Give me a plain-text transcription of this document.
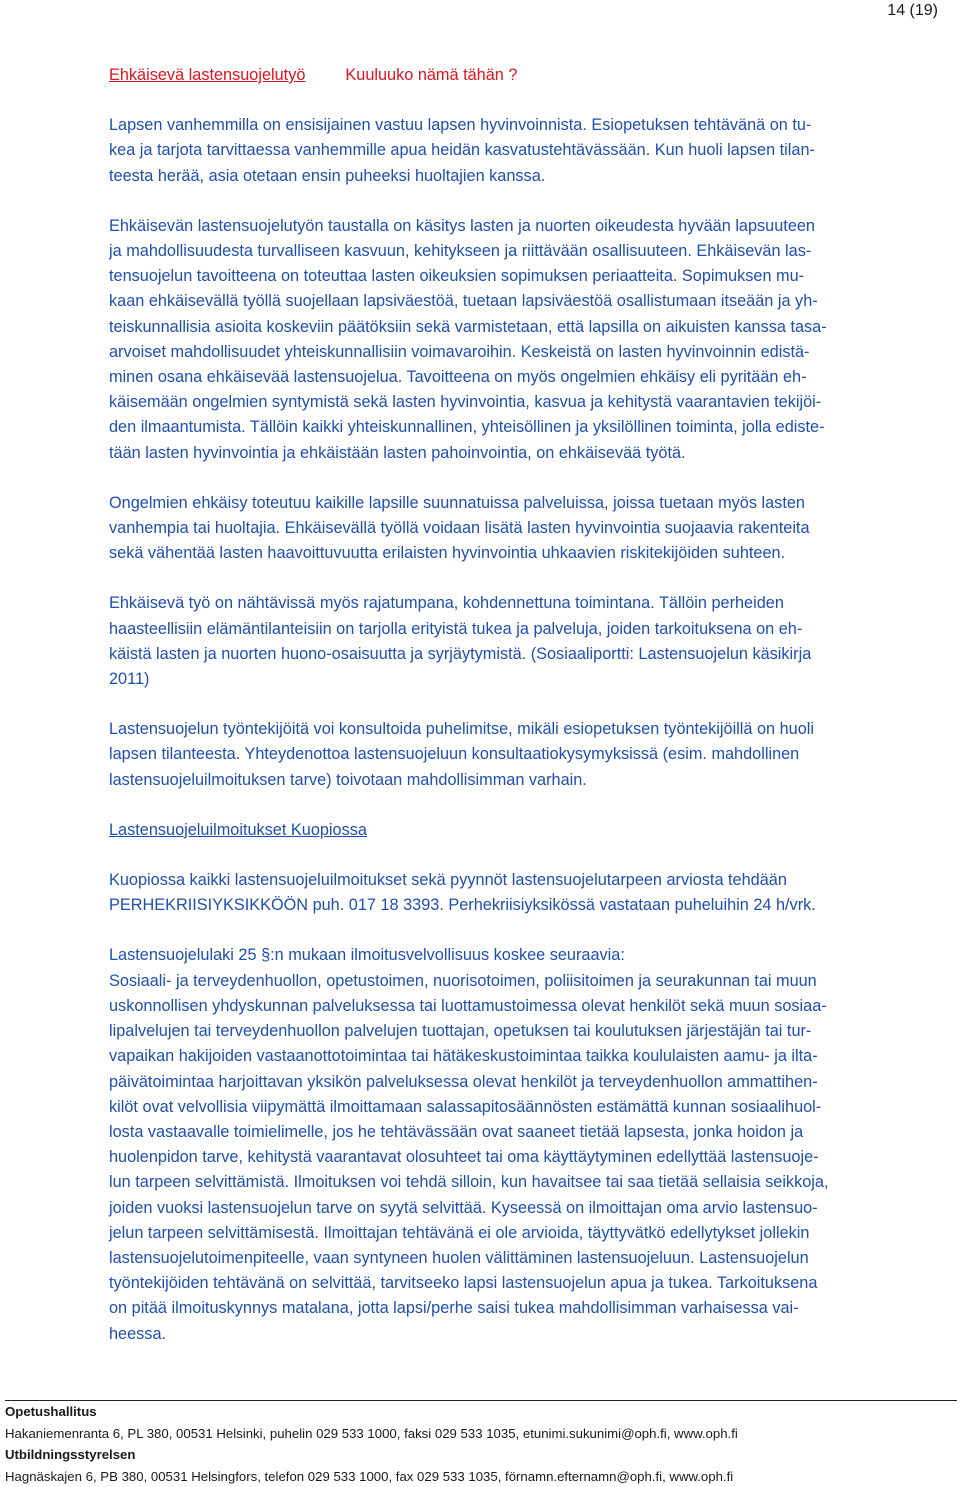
14 (19)
Ehkäisevä lastensuojelutyö Kuuluuko nämä tähän ?

Lapsen vanhemmilla on ensisijainen vastuu lapsen hyvinvoinnista. Esiopetuksen tehtävänä on tu-
kea ja tarjota tarvittaessa vanhemmille apua heidän kasvatustehtävässään. Kun huoli lapsen tilan-
teesta herää, asia otetaan ensin puheeksi huoltajien kanssa.

Ehkäisevän lastensuojelutyön taustalla on käsitys lasten ja nuorten oikeudesta hyvään lapsuuteen
ja mahdollisuudesta turvalliseen kasvuun, kehitykseen ja riittävään osallisuuteen. Ehkäisevän las-
tensuojelun tavoitteena on toteuttaa lasten oikeuksien sopimuksen periaatteita. Sopimuksen mu-
kaan ehkäisevällä työllä suojellaan lapsiväestöä, tuetaan lapsiväestöä osallistumaan itseään ja yh-
teiskunnallisia asioita koskeviin päätöksiin sekä varmistetaan, että lapsilla on aikuisten kanssa tasa-
arvoiset mahdollisuudet yhteiskunnallisiin voimavaroihin. Keskeistä on lasten hyvinvoinnin edistä-
minen osana ehkäisevää lastensuojelua. Tavoitteena on myös ongelmien ehkäisy eli pyritään eh-
käisemään ongelmien syntymistä sekä lasten hyvinvointia, kasvua ja kehitystä vaarantavien tekijöi-
den ilmaantumista. Tällöin kaikki yhteiskunnallinen, yhteisöllinen ja yksilöllinen toiminta, jolla ediste-
tään lasten hyvinvointia ja ehkäistään lasten pahoinvointia, on ehkäisevää työtä.

Ongelmien ehkäisy toteutuu kaikille lapsille suunnatuissa palveluissa, joissa tuetaan myös lasten
vanhempia tai huoltajia. Ehkäisevällä työllä voidaan lisätä lasten hyvinvointia suojaavia rakenteita
sekä vähentää lasten haavoittuvuutta erilaisten hyvinvointia uhkaavien riskitekijöiden suhteen.

Ehkäisevä työ on nähtävissä myös rajatumpana, kohdennettuna toimintana. Tällöin perheiden
haasteellisiin elämäntilanteisiin on tarjolla erityistä tukea ja palveluja, joiden tarkoituksena on eh-
käistä lasten ja nuorten huono-osaisuutta ja syrjäytymistä. (Sosiaaliportti: Lastensuojelun käsikirja
2011)

Lastensuojelun työntekijöitä voi konsultoida puhelimitse, mikäli esiopetuksen työntekijöillä on huoli
lapsen tilanteesta. Yhteydenottoa lastensuojeluun konsultaatiokysymyksissä (esim. mahdollinen
lastensuojeluilmoituksen tarve) toivotaan mahdollisimman varhain.

Lastensuojeluilmoitukset Kuopiossa

Kuopiossa kaikki lastensuojeluilmoitukset sekä pyynnöt lastensuojelutarpeen arviosta tehdään
PERHEKRIISIYKSIKKÖÖN puh. 017 18 3393. Perhekriisiyksikössä vastataan puheluihin 24 h/vrk.

Lastensuojelulaki 25 §:n mukaan ilmoitusvelvollisuus koskee seuraavia:
Sosiaali- ja terveydenhuollon, opetustoimen, nuorisotoimen, poliisitoimen ja seurakunnan tai muun
uskonnollisen yhdyskunnan palveluksessa tai luottamustoimessa olevat henkilöt sekä muun sosiaa-
lipalvelujen tai terveydenhuollon palvelujen tuottajan, opetuksen tai koulutuksen järjestäjän tai tur-
vapaikan hakijoiden vastaanottotoimintaa tai hätäkeskustoimintaa taikka koululaisten aamu- ja ilta-
päivätoimintaa harjoittavan yksikön palveluksessa olevat henkilöt ja terveydenhuollon ammattihen-
kilöt ovat velvollisia viipymättä ilmoittamaan salassapitosäännösten estämättä kunnan sosiaalihuol-
losta vastaavalle toimielimelle, jos he tehtävässään ovat saaneet tietää lapsesta, jonka hoidon ja
huolenpidon tarve, kehitystä vaarantavat olosuhteet tai oma käyttäytyminen edellyttää lastensuoje-
lun tarpeen selvittämistä. Ilmoituksen voi tehdä silloin, kun havaitsee tai saa tietää sellaisia seikkoja,
joiden vuoksi lastensuojelun tarve on syytä selvittää. Kyseessä on ilmoittajan oma arvio lastensuo-
jelun tarpeen selvittämisestä. Ilmoittajan tehtävänä ei ole arvioida, täyttyvätkö edellytykset jollekin
lastensuojelutoimenpiteelle, vaan syntyneen huolen välittäminen lastensuojeluun. Lastensuojelun
työntekijöiden tehtävänä on selvittää, tarvitseeko lapsi lastensuojelun apua ja tukea. Tarkoituksena
on pitää ilmoituskynnys matalana, jotta lapsi/perhe saisi tukea mahdollisimman varhaisessa vai-
heessa.

Opetushallitus
Hakaniemenranta 6, PL 380, 00531 Helsinki, puhelin 029 533 1000, faksi 029 533 1035, etunimi.sukunimi@oph.fi, www.oph.fi
Utbildningsstyrelsen
Hagnäskajen 6, PB 380, 00531 Helsingfors, telefon 029 533 1000, fax 029 533 1035, förnamn.efternamn@oph.fi, www.oph.fi
